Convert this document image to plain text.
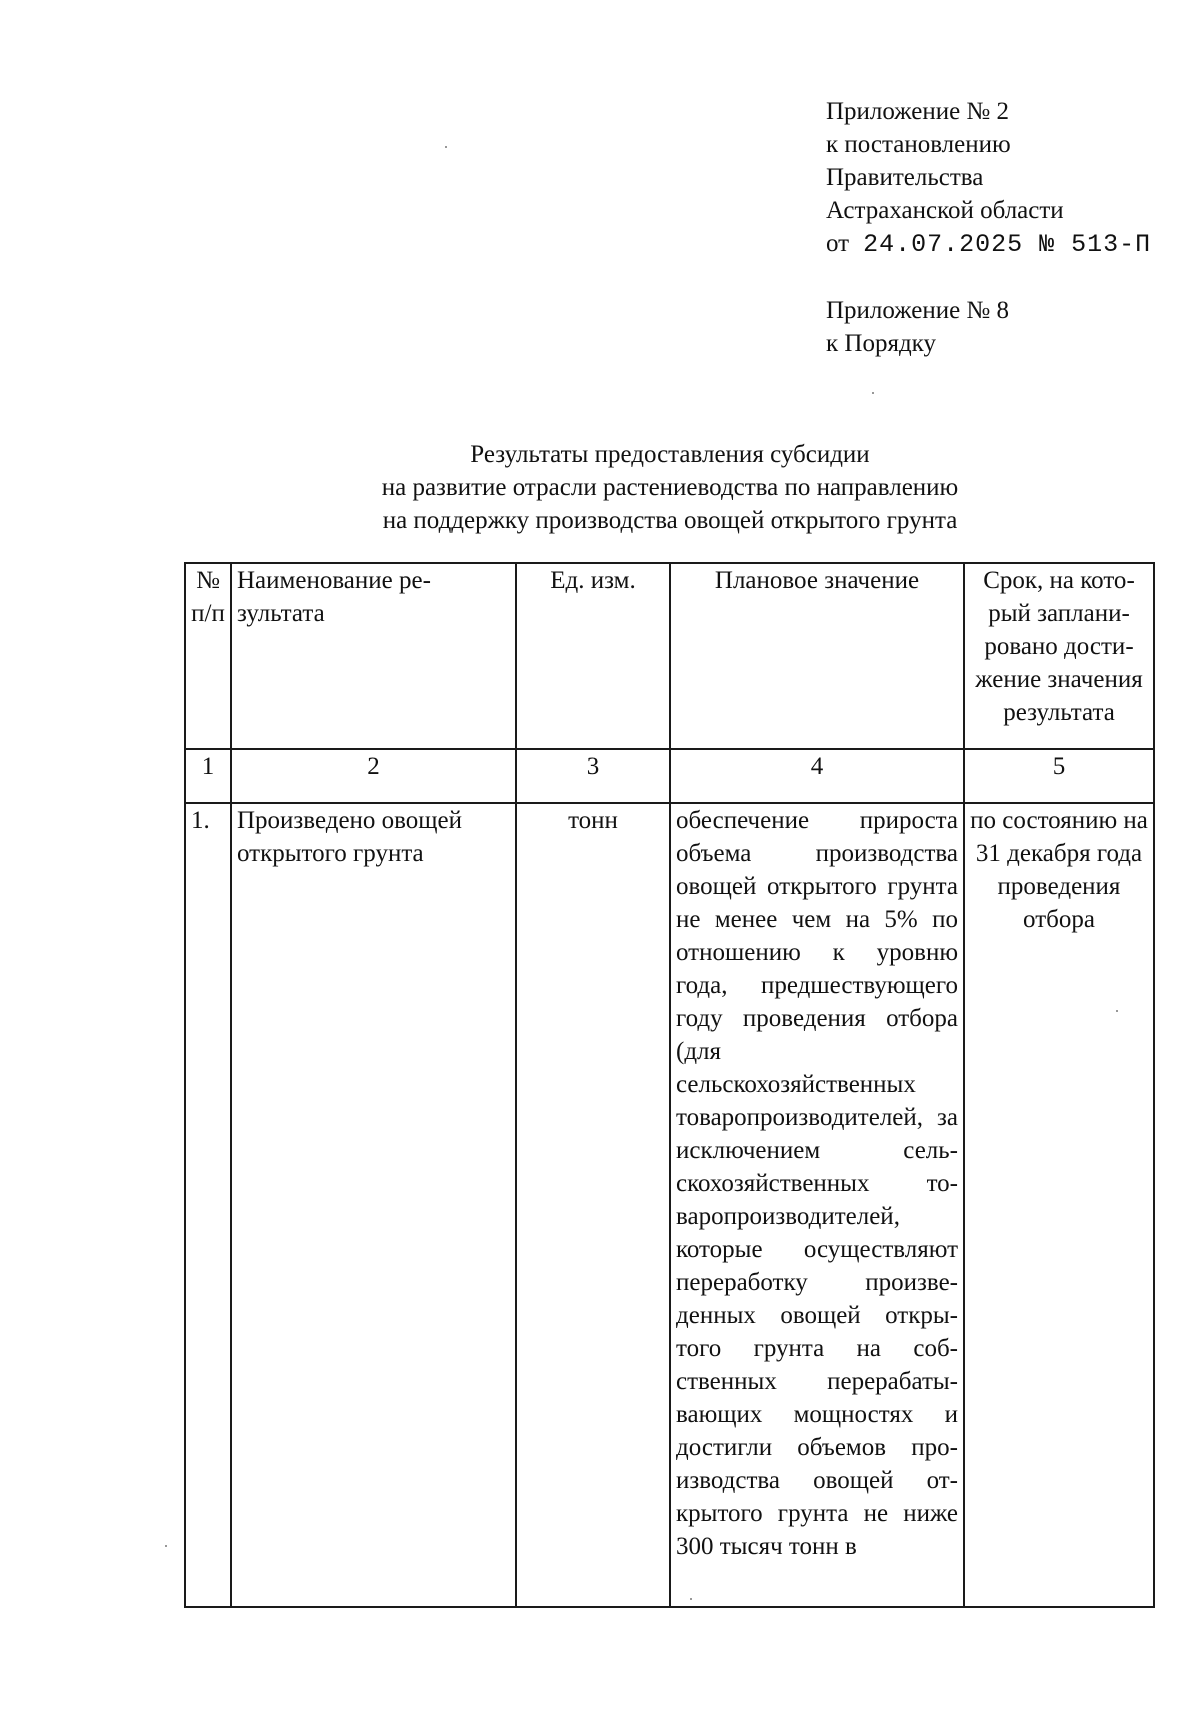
Приложение № 2
к постановлению
Правительства
Астраханской области
от 24.07.2025 № 513-П
Приложение № 8
к Порядку
Результаты предоставления субсидии
на развитие отрасли растениеводства по направлению
на поддержку производства овощей открытого грунта
№ п/п	Наименование результата	Ед. изм.	Плановое значение	Срок, на который запланировано достижение значения результата
1	2	3	4	5
1.	Произведено овощей открытого грунта	тонн	обеспечение прироста объема производства овощей открытого грунта не менее чем на 5% по отношению к уровню года, предшествующего году проведения отбора (для сельскохозяйственных товаропроизводителей, за исключением сельскохозяйственных товаропроизводителей, которые осуществляют переработку произведенных овощей открытого грунта на собственных перерабатывающих мощностях и достигли объемов производства овощей открытого грунта не ниже 300 тысяч тонн в	по состоянию на 31 декабря года проведения отбора
